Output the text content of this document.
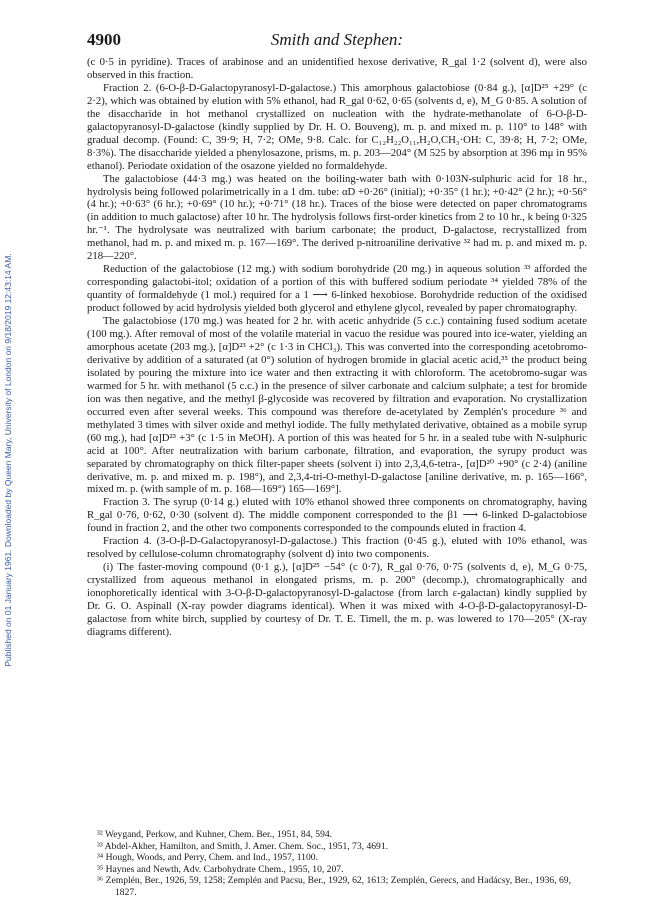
Published on 01 January 1961. Downloaded by Queen Mary, University of London on 9/18/2019 12:43:14 AM.
4900	Smith and Stephen:

(c 0·5 in pyridine). Traces of arabinose and an unidentified hexose derivative, R_gal 1·2 (solvent d), were also observed in this fraction.

Fraction 2. (6-O-β-D-Galactopyranosyl-D-galactose.) This amorphous galactobiose (0·84 g.), [α]D²⁵ +29° (c 2·2), which was obtained by elution with 5% ethanol, had R_gal 0·62, 0·65 (solvents d, e), M_G 0·85. A solution of the disaccharide in hot methanol crystallized on nucleation with the hydrate-methanolate of 6-O-β-D-galactopyranosyl-D-galactose (kindly supplied by Dr. H. O. Bouveng), m. p. and mixed m. p. 110° to 148° with gradual decomp. (Found: C, 39·9; H, 7·2; OMe, 9·8. Calc. for C₁₂H₂₂O₁₁,H₂O,CH₃·OH: C, 39·8; H, 7·2; OMe, 8·3%). The disaccharide yielded a phenylosazone, prisms, m. p. 203—204° (M 525 by absorption at 396 mμ in 95% ethanol). Periodate oxidation of the osazone yielded no formaldehyde.

The galactobiose (44·3 mg.) was heated on the boiling-water bath with 0·103N-sulphuric acid for 18 hr., hydrolysis being followed polarimetrically in a 1 dm. tube: αD +0·26° (initial); +0·35° (1 hr.); +0·42° (2 hr.); +0·56° (4 hr.); +0·63° (6 hr.); +0·69° (10 hr.); +0·71° (18 hr.). Traces of the biose were detected on paper chromatograms (in addition to much galactose) after 10 hr. The hydrolysis follows first-order kinetics from 2 to 10 hr., k being 0·325 hr.⁻¹. The hydrolysate was neutralized with barium carbonate; the product, D-galactose, recrystallized from methanol, had m. p. and mixed m. p. 167—169°. The derived p-nitroaniline derivative ³² had m. p. and mixed m. p. 218—220°.

Reduction of the galactobiose (12 mg.) with sodium borohydride (20 mg.) in aqueous solution ³³ afforded the corresponding galactobi-itol; oxidation of a portion of this with buffered sodium periodate ³⁴ yielded 78% of the quantity of formaldehyde (1 mol.) required for a 1 ⟶ 6-linked hexobiose. Borohydride reduction of the oxidised product followed by acid hydrolysis yielded both glycerol and ethylene glycol, revealed by paper chromatography.

The galactobiose (170 mg.) was heated for 2 hr. with acetic anhydride (5 c.c.) containing fused sodium acetate (100 mg.). After removal of most of the volatile material in vacuo the residue was poured into ice-water, yielding an amorphous acetate (203 mg.), [α]D²³ +2° (c 1·3 in CHCl₃). This was converted into the corresponding acetobromo-derivative by addition of a saturated (at 0°) solution of hydrogen bromide in glacial acetic acid,³⁵ the product being isolated by pouring the mixture into ice water and then extracting it with chloroform. The acetobromo-sugar was warmed for 5 hr. with methanol (5 c.c.) in the presence of silver carbonate and calcium sulphate; a test for bromide ion was then negative, and the methyl β-glycoside was recovered by filtration and evaporation. No crystallization occurred even after several weeks. This compound was therefore de-acetylated by Zemplén's procedure ³⁶ and methylated 3 times with silver oxide and methyl iodide. The fully methylated derivative, obtained as a mobile syrup (60 mg.), had [α]D²³ +3° (c 1·5 in MeOH). A portion of this was heated for 5 hr. in a sealed tube with N-sulphuric acid at 100°. After neutralization with barium carbonate, filtration, and evaporation, the syrupy product was separated by chromatography on thick filter-paper sheets (solvent i) into 2,3,4,6-tetra-, [α]D²⁰ +90° (c 2·4) (aniline derivative, m. p. and mixed m. p. 198°), and 2,3,4-tri-O-methyl-D-galactose [aniline derivative, m. p. 165—166°, mixed m. p. (with sample of m. p. 168—169°) 165—169°].

Fraction 3. The syrup (0·14 g.) eluted with 10% ethanol showed three components on chromatography, having R_gal 0·76, 0·62, 0·30 (solvent d). The middle component corresponded to the β1 ⟶ 6-linked D-galactobiose found in fraction 2, and the other two components corresponded to the compounds eluted in fraction 4.

Fraction 4. (3-O-β-D-Galactopyranosyl-D-galactose.) This fraction (0·45 g.), eluted with 10% ethanol, was resolved by cellulose-column chromatography (solvent d) into two components.

(i) The faster-moving compound (0·1 g.), [α]D²⁵ −54° (c 0·7), R_gal 0·76, 0·75 (solvents d, e), M_G 0·75, crystallized from aqueous methanol in elongated prisms, m. p. 200° (decomp.), chromatographically and ionophoretically identical with 3-O-β-D-galactopyranosyl-D-galactose (from larch ε-galactan) kindly supplied by Dr. G. O. Aspinall (X-ray powder diagrams identical). When it was mixed with 4-O-β-D-galactopyranosyl-D-galactose from white birch, supplied by courtesy of Dr. T. E. Timell, the m. p. was lowered to 170—205° (X-ray diagrams different).

³² Weygand, Perkow, and Kuhner, Chem. Ber., 1951, 84, 594.

³³ Abdel-Akher, Hamilton, and Smith, J. Amer. Chem. Soc., 1951, 73, 4691.

³⁴ Hough, Woods, and Perry, Chem. and Ind., 1957, 1100.

³⁵ Haynes and Newth, Adv. Carbohydrate Chem., 1955, 10, 207.

³⁶ Zemplén, Ber., 1926, 59, 1258; Zemplén and Pacsu, Ber., 1929, 62, 1613; Zemplén, Gerecs, and Hadácsy, Ber., 1936, 69, 1827.
